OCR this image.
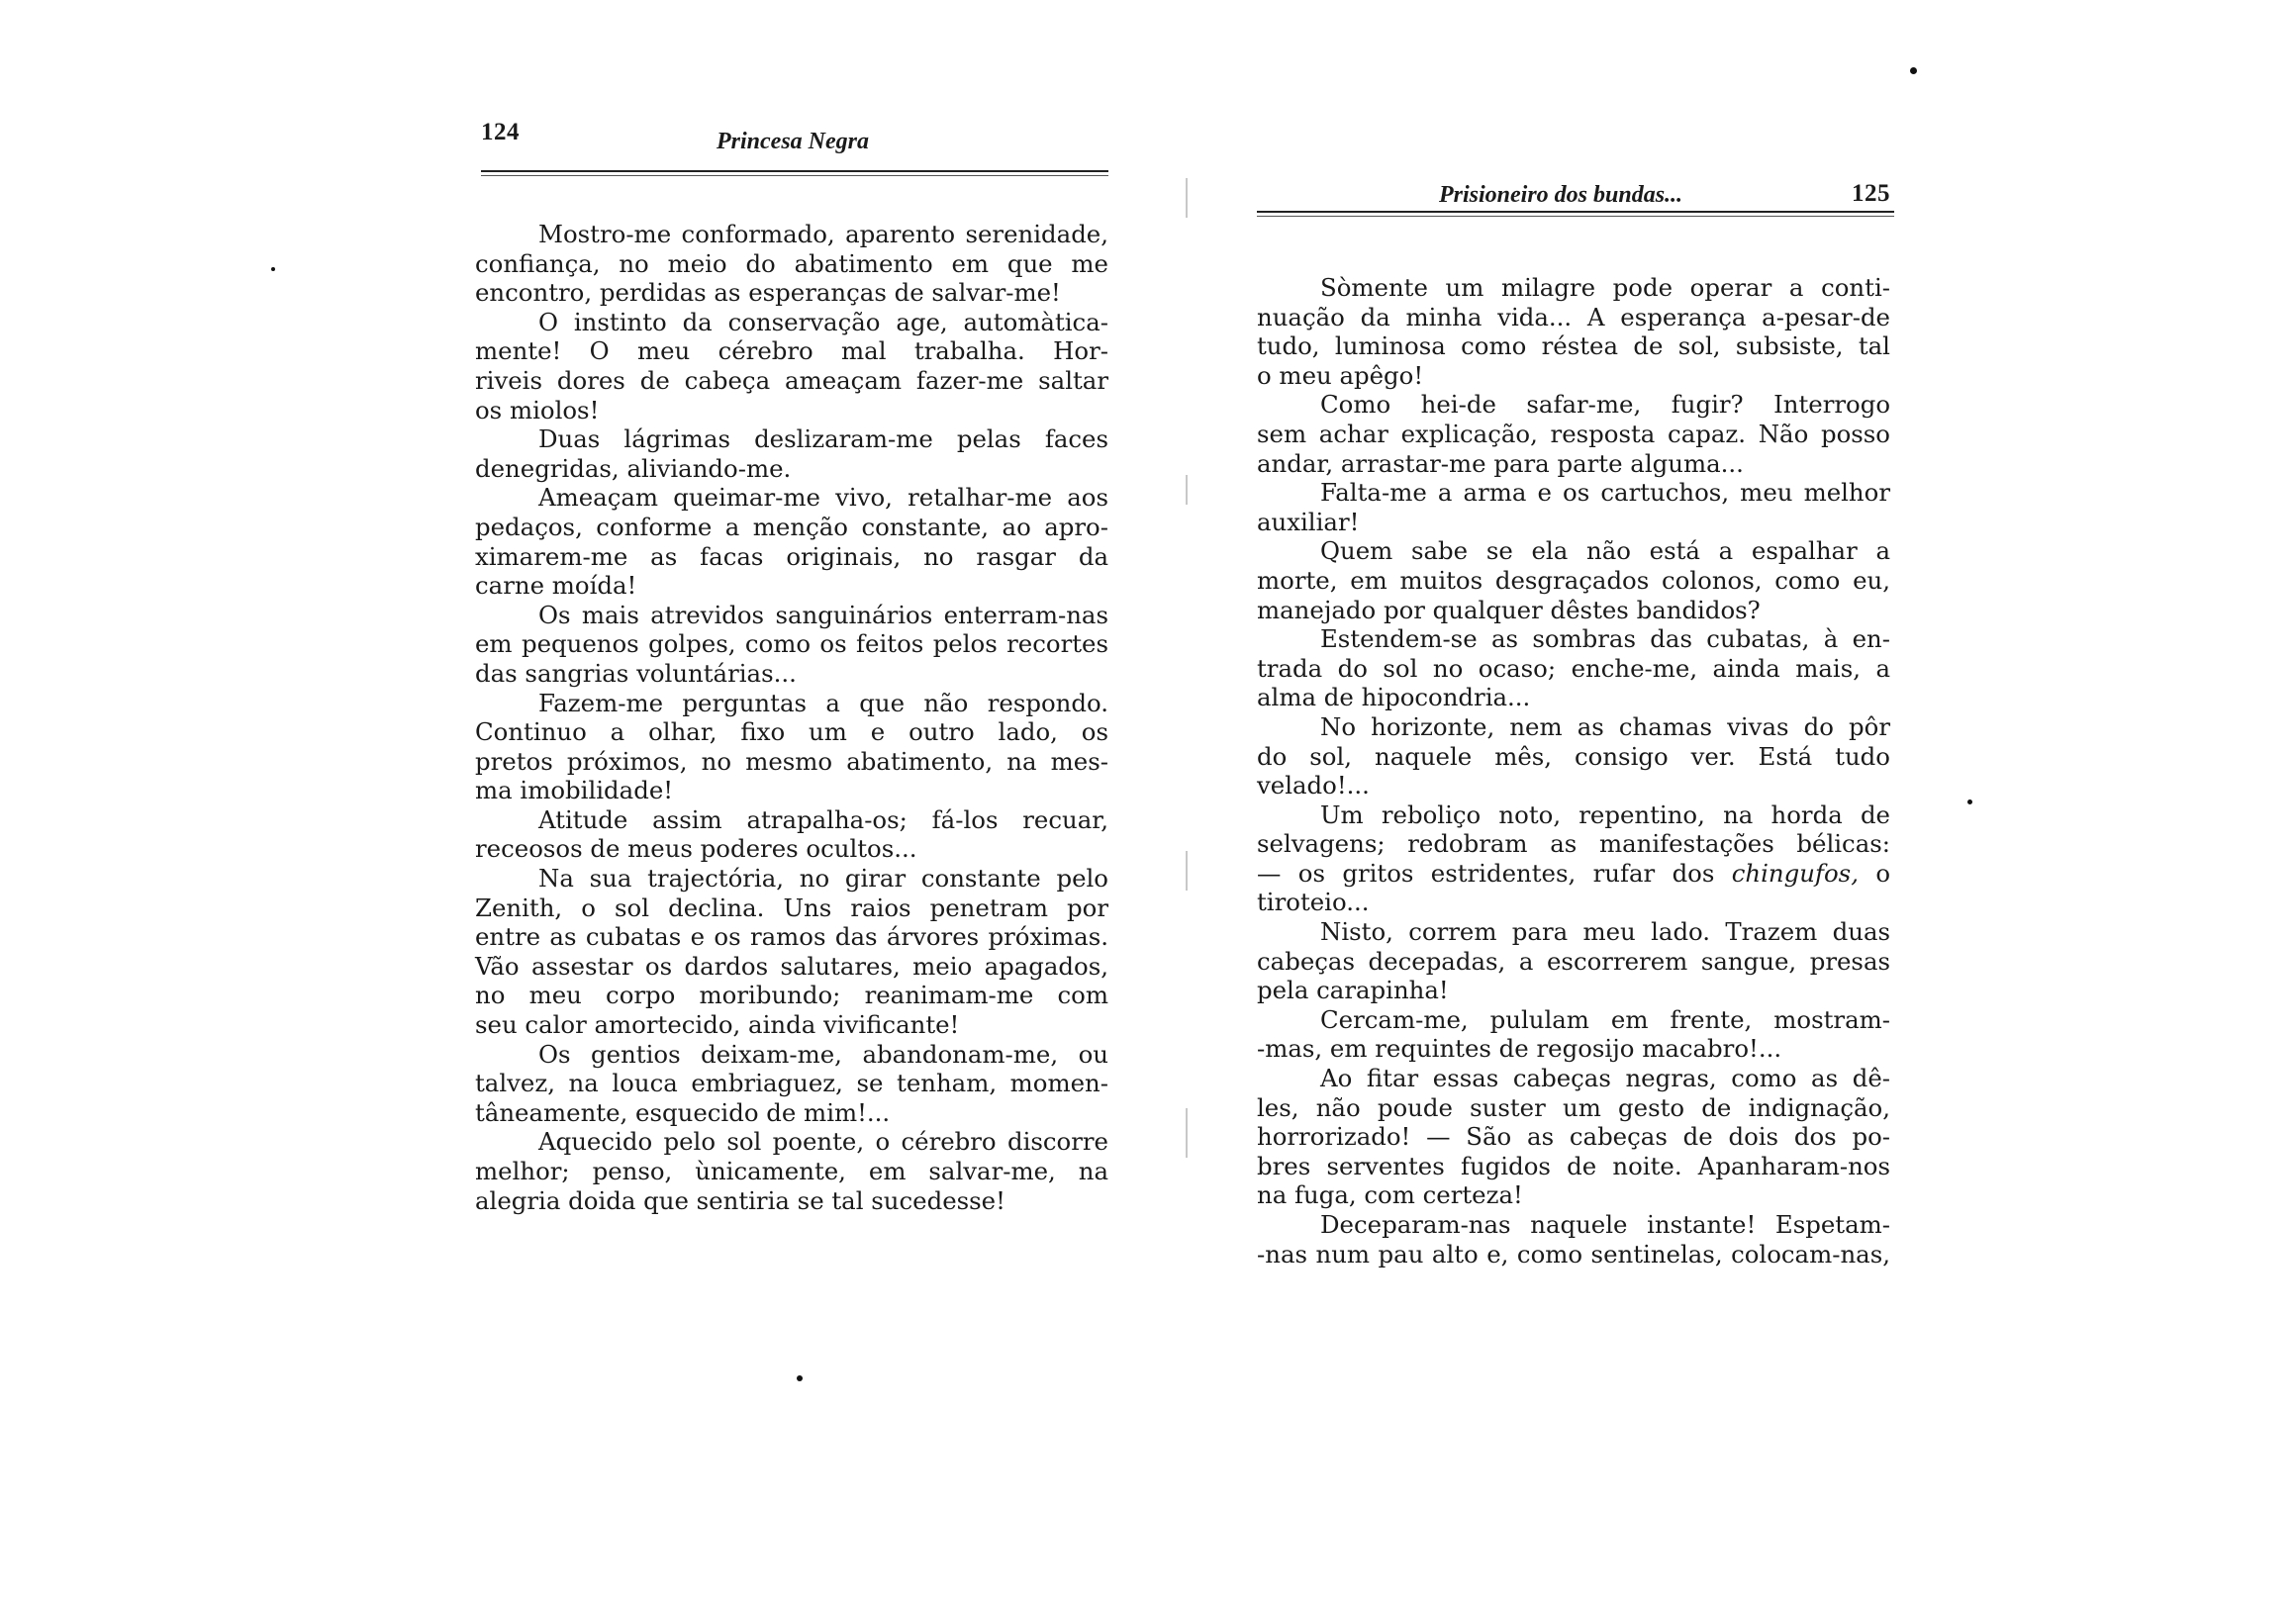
124	Princesa Negra
Mostro-me conformado, aparento serenidade,
confiança, no meio do abatimento em que me
encontro, perdidas as esperanças de salvar-me!
O instinto da conservação age, automàtica-
mente! O meu cérebro mal trabalha. Hor-
riveis dores de cabeça ameaçam fazer-me saltar
os miolos!
Duas lágrimas deslizaram-me pelas faces
denegridas, aliviando-me.
Ameaçam queimar-me vivo, retalhar-me aos
pedaços, conforme a menção constante, ao apro-
ximarem-me as facas originais, no rasgar da
carne moída!
Os mais atrevidos sanguinários enterram-nas
em pequenos golpes, como os feitos pelos recortes
das sangrias voluntárias...
Fazem-me perguntas a que não respondo.
Continuo a olhar, fixo um e outro lado, os
pretos próximos, no mesmo abatimento, na mes-
ma imobilidade!
Atitude assim atrapalha-os; fá-los recuar,
receosos de meus poderes ocultos...
Na sua trajectória, no girar constante pelo
Zenith, o sol declina. Uns raios penetram por
entre as cubatas e os ramos das árvores próximas.
Vão assestar os dardos salutares, meio apagados,
no meu corpo moribundo; reanimam-me com
seu calor amortecido, ainda vivificante!
Os gentios deixam-me, abandonam-me, ou
talvez, na louca embriaguez, se tenham, momen-
tâneamente, esquecido de mim!...
Aquecido pelo sol poente, o cérebro discorre
melhor; penso, ùnicamente, em salvar-me, na
alegria doida que sentiria se tal sucedesse!
Prisioneiro dos bundas...	125
Sòmente um milagre pode operar a conti-
nuação da minha vida... A esperança a-pesar-de
tudo, luminosa como réstea de sol, subsiste, tal
o meu apêgo!
Como hei-de safar-me, fugir? Interrogo
sem achar explicação, resposta capaz. Não posso
andar, arrastar-me para parte alguma...
Falta-me a arma e os cartuchos, meu melhor
auxiliar!
Quem sabe se ela não está a espalhar a
morte, em muitos desgraçados colonos, como eu,
manejado por qualquer dêstes bandidos?
Estendem-se as sombras das cubatas, à en-
trada do sol no ocaso; enche-me, ainda mais, a
alma de hipocondria...
No horizonte, nem as chamas vivas do pôr
do sol, naquele mês, consigo ver. Está tudo
velado!...
Um reboliço noto, repentino, na horda de
selvagens; redobram as manifestações bélicas:
— os gritos estridentes, rufar dos chingufos, o
tiroteio...
Nisto, correm para meu lado. Trazem duas
cabeças decepadas, a escorrerem sangue, presas
pela carapinha!
Cercam-me, pululam em frente, mostram-
-mas, em requintes de regosijo macabro!...
Ao fitar essas cabeças negras, como as dê-
les, não poude suster um gesto de indignação,
horrorizado! — São as cabeças de dois dos po-
bres serventes fugidos de noite. Apanharam-nos
na fuga, com certeza!
Deceparam-nas naquele instante! Espetam-
-nas num pau alto e, como sentinelas, colocam-nas,
